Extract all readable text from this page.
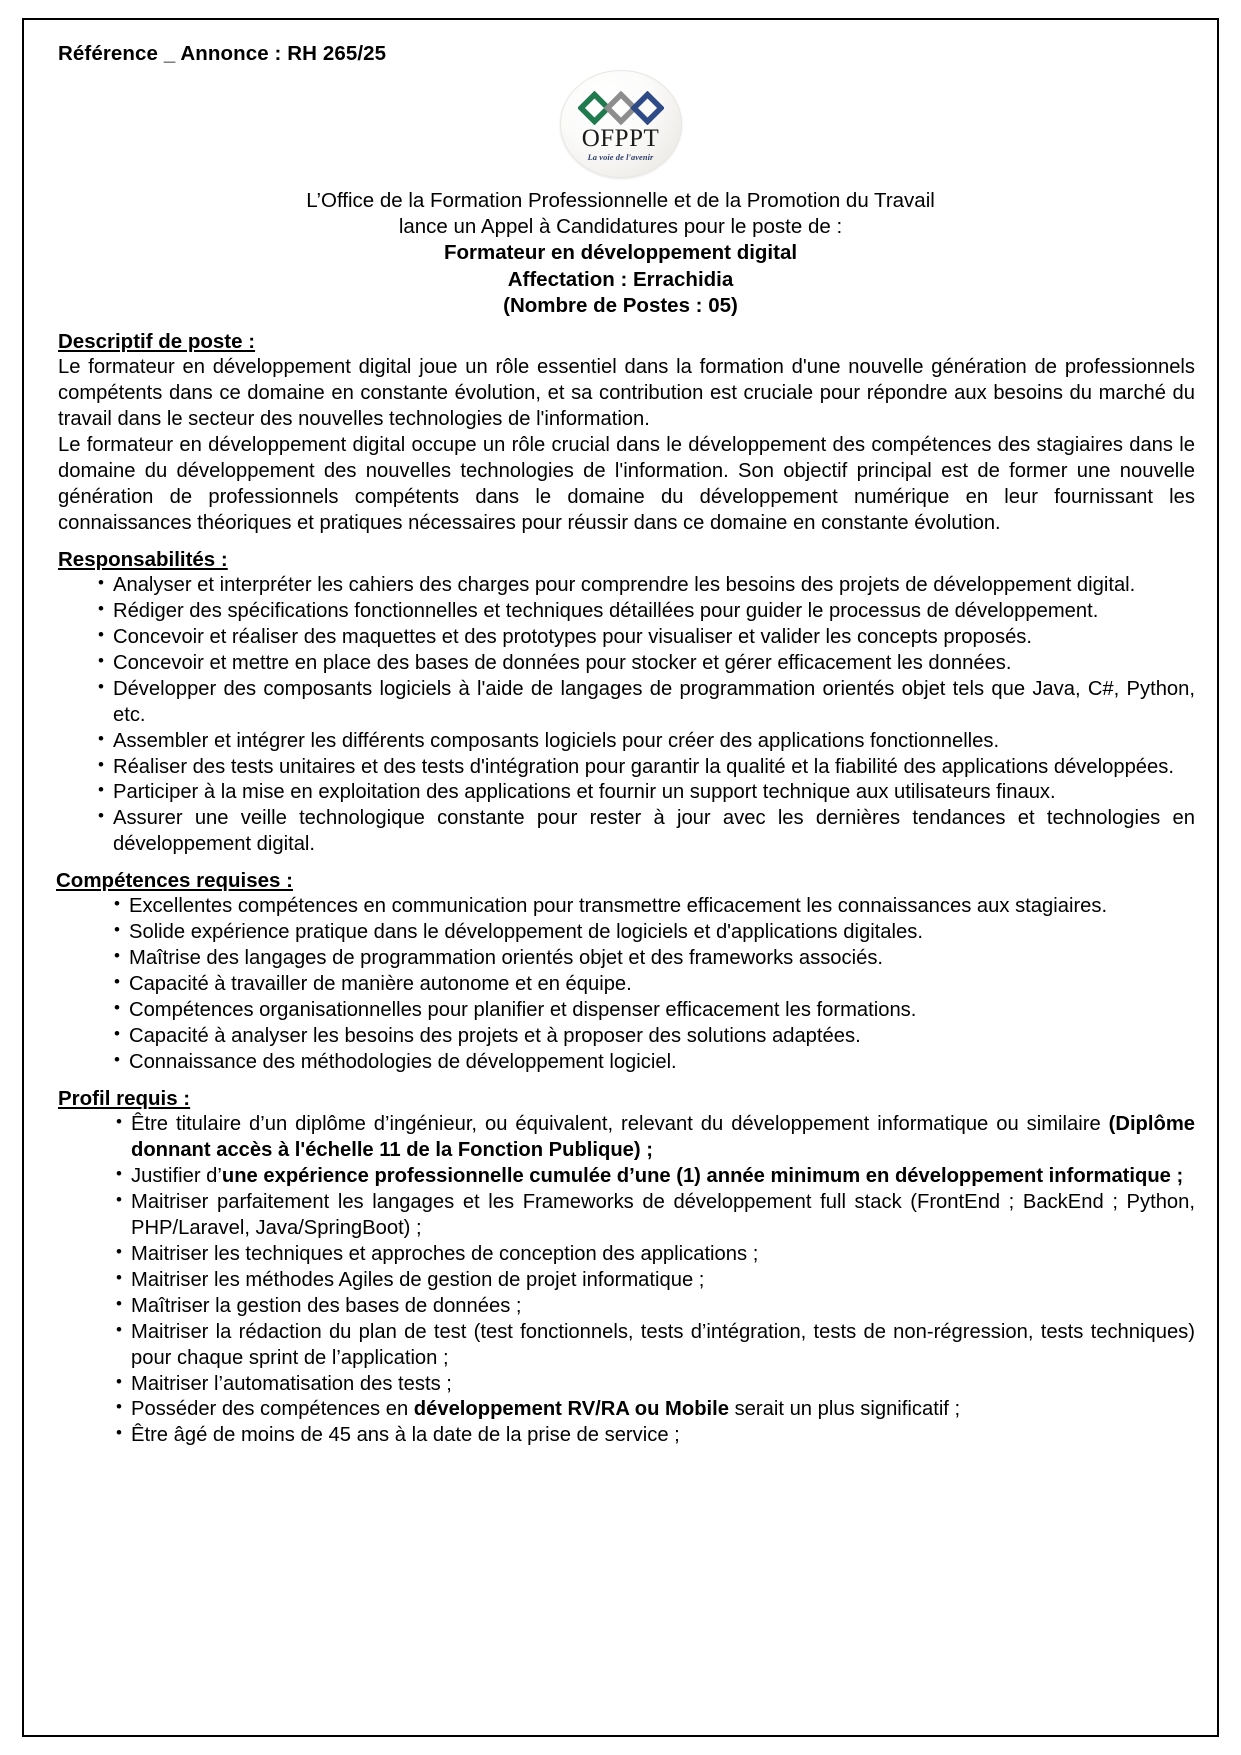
Référence _ Annonce : RH 265/25
OFPPT
La voie de l'avenir
L’Office de la Formation Professionnelle et de la Promotion du Travail
lance un Appel à Candidatures pour le poste de :
Formateur en développement digital
Affectation : Errachidia
(Nombre de Postes : 05)
Descriptif de poste :

Le formateur en développement digital joue un rôle essentiel dans la formation d'une nouvelle génération de professionnels compétents dans ce domaine en constante évolution, et sa contribution est cruciale pour répondre aux besoins du marché du travail dans le secteur des nouvelles technologies de l'information.

Le formateur en développement digital occupe un rôle crucial dans le développement des compétences des stagiaires dans le domaine du développement des nouvelles technologies de l'information. Son objectif principal est de former une nouvelle génération de professionnels compétents dans le domaine du développement numérique en leur fournissant les connaissances théoriques et pratiques nécessaires pour réussir dans ce domaine en constante évolution.

Responsabilités :
• Analyser et interpréter les cahiers des charges pour comprendre les besoins des projets de développement digital.
• Rédiger des spécifications fonctionnelles et techniques détaillées pour guider le processus de développement.
• Concevoir et réaliser des maquettes et des prototypes pour visualiser et valider les concepts proposés.
• Concevoir et mettre en place des bases de données pour stocker et gérer efficacement les données.
• Développer des composants logiciels à l'aide de langages de programmation orientés objet tels que Java, C#, Python, etc.
• Assembler et intégrer les différents composants logiciels pour créer des applications fonctionnelles.
• Réaliser des tests unitaires et des tests d'intégration pour garantir la qualité et la fiabilité des applications développées.
• Participer à la mise en exploitation des applications et fournir un support technique aux utilisateurs finaux.
• Assurer une veille technologique constante pour rester à jour avec les dernières tendances et technologies en développement digital.
Compétences requises :
• Excellentes compétences en communication pour transmettre efficacement les connaissances aux stagiaires.
• Solide expérience pratique dans le développement de logiciels et d'applications digitales.
• Maîtrise des langages de programmation orientés objet et des frameworks associés.
• Capacité à travailler de manière autonome et en équipe.
• Compétences organisationnelles pour planifier et dispenser efficacement les formations.
• Capacité à analyser les besoins des projets et à proposer des solutions adaptées.
• Connaissance des méthodologies de développement logiciel.
Profil requis :
• Être titulaire d’un diplôme d’ingénieur, ou équivalent, relevant du développement informatique ou similaire (Diplôme donnant accès à l'échelle 11 de la Fonction Publique) ;
• Justifier d’une expérience professionnelle cumulée d’une (1) année minimum en développement informatique ;
• Maitriser parfaitement les langages et les Frameworks de développement full stack (FrontEnd ; BackEnd ; Python, PHP/Laravel, Java/SpringBoot) ;
• Maitriser les techniques et approches de conception des applications ;
• Maitriser les méthodes Agiles de gestion de projet informatique ;
• Maîtriser la gestion des bases de données ;
• Maitriser la rédaction du plan de test (test fonctionnels, tests d’intégration, tests de non-régression, tests techniques) pour chaque sprint de l’application ;
• Maitriser l’automatisation des tests ;
• Posséder des compétences en développement RV/RA ou Mobile serait un plus significatif ;
• Être âgé de moins de 45 ans à la date de la prise de service ;
